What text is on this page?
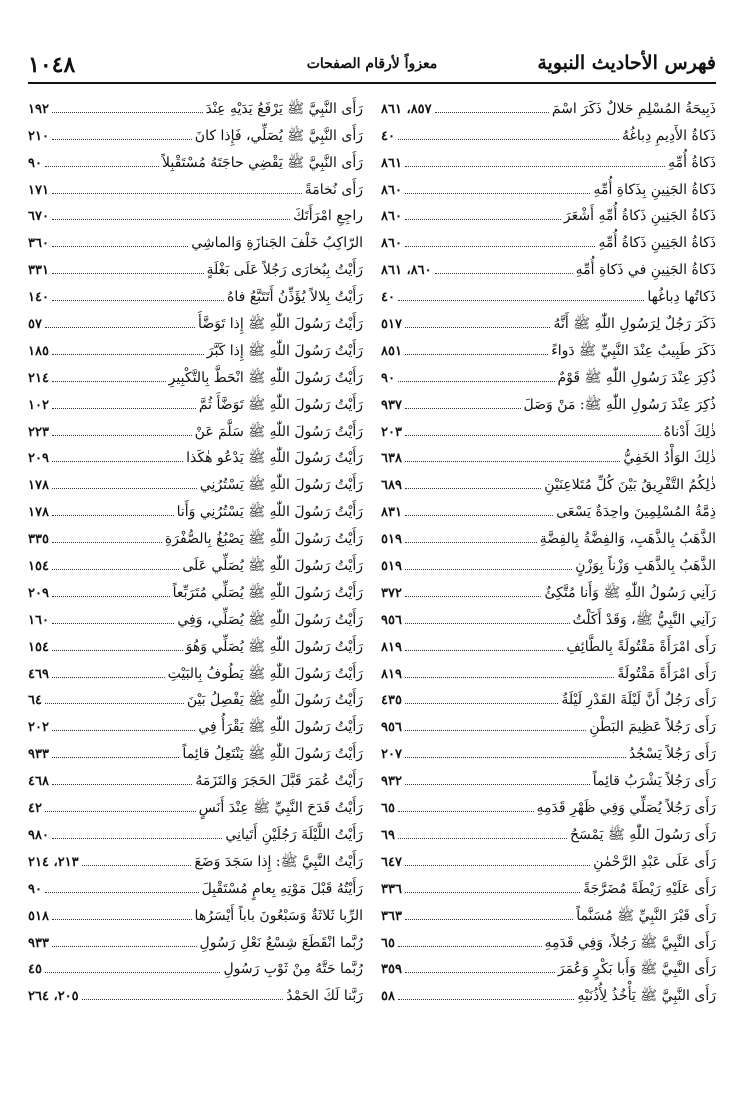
فهرس الأحاديث النبوية
معزواً لأرقام الصفحات
١٠٤٨
ذَبِيحَةُ المُسْلِمِ حَلالٌ ذَكَرَ اسْمَ
٨٥٧، ٨٦١
ذَكاةُ الأَدِيمِ دِباغُهُ
٤٠
ذَكاةُ أُمِّهِ
٨٦١
ذَكاةُ الجَنِينِ بِذَكاةِ أُمِّهِ
٨٦٠
ذَكاةُ الجَنِينِ ذَكاةُ أُمِّهِ أَشْعَرَ
٨٦٠
ذَكاةُ الجَنِينِ ذَكاةُ أُمِّهِ
٨٦٠
ذَكاةُ الجَنِينِ في ذَكاةِ أُمِّهِ
٨٦٠، ٨٦١
ذَكاتُها دِباغُها
٤٠
ذَكَرَ رَجُلٌ لِرَسُولِ اللّٰهِ ﷺ أَنَّهُ
٥١٧
ذَكَرَ طَبِيبٌ عِنْدَ النَّبِيِّ ﷺ دَواءً
٨٥١
ذُكِرَ عِنْدَ رَسُولِ اللّٰهِ ﷺ قَوْمٌ
٩٠
ذُكِرَ عِنْدَ رَسُولِ اللّٰهِ ﷺ: مَنْ وَصَلَ
٩٣٧
ذٰلِكَ أَدْناهُ
٢٠٣
ذٰلِكَ الوَأْدُ الخَفِيُّ
٦٣٨
ذٰلِكُمُ التَّفْرِيقُ بَيْنَ كُلِّ مُتَلاعِنَيْنِ
٦٨٩
ذِمَّةُ المُسْلِمِينَ واحِدَةٌ يَسْعَى
٨٣١
الذَّهَبُ بِالذَّهَبِ، وَالفِضَّةُ بِالفِضَّةِ
٥١٩
الذَّهَبُ بِالذَّهَبِ وَزْناً بِوَزْنٍ
٥١٩
رَآنِي رَسُولُ اللّٰهِ ﷺ وَأَنا مُتَّكِئٌ
٣٧٢
رَآنِي النَّبِيُّ ﷺ، وَقَدْ أَكَلْتُ
٩٥٦
رَأَى امْرَأَةً مَقْتُولَةً بِالطَّائِفِ
٨١٩
رَأَى امْرَأَةً مَقْتُولَةً
٨١٩
رَأَى رَجُلٌ أَنَّ لَيْلَةَ القَدْرِ لَيْلَةُ
٤٣٥
رَأَى رَجُلاً عَظِيمَ البَطْنِ
٩٥٦
رَأَى رَجُلاً يَسْجُدُ
٢٠٧
رَأَى رَجُلاً يَشْرَبُ قائِماً
٩٣٢
رَأَى رَجُلاً يُصَلِّي وَفِي ظَهْرِ قَدَمِهِ
٦٥
رَأَى رَسُولَ اللّٰهِ ﷺ يَمْسَحُ
٦٩
رَأَى عَلَى عَبْدِ الرَّحْمٰنِ
٦٤٧
رَأَى عَلَيْهِ رَيْطَةً مُضَرَّجَةً
٣٣٦
رَأَى قَبْرَ النَّبِيِّ ﷺ مُسَنَّماً
٣٦٣
رَأَى النَّبِيَّ ﷺ رَجُلاً، وَفِي قَدَمِهِ
٦٥
رَأَى النَّبِيَّ ﷺ وَأَبا بَكْرٍ وَعُمَرَ
٣٥٩
رَأَى النَّبِيَّ ﷺ يَأْخُذُ لِأُذُنَيْهِ
٥٨
رَأَى النَّبِيَّ ﷺ يَرْفَعُ يَدَيْهِ عِنْدَ
١٩٢
رَأَى النَّبِيَّ ﷺ يُصَلِّي، فَإِذا كانَ
٢١٠
رَأَى النَّبِيَّ ﷺ يَقْضِي حاجَتَهُ مُسْتَقْبِلاً
٩٠
رَأَى نُخامَةً
١٧١
راجِعِ امْرَأَتَكَ
٦٧٠
الرّاكِبُ خَلْفَ الجَنازَةِ وَالماشِي
٣٦٠
رَأَيْتُ بِبُخارَى رَجُلاً عَلَى بَغْلَةٍ
٣٣١
رَأَيْتُ بِلالاً يُؤَذِّنُ أَتَتَبَّعُ فاهُ
١٤٠
رَأَيْتُ رَسُولَ اللّٰهِ ﷺ إِذا تَوَضَّأَ
٥٧
رَأَيْتُ رَسُولَ اللّٰهِ ﷺ إِذا كَبَّرَ
١٨٥
رَأَيْتُ رَسُولَ اللّٰهِ ﷺ انْحَطَّ بِالتَّكْبِيرِ
٢١٤
رَأَيْتُ رَسُولَ اللّٰهِ ﷺ تَوَضَّأَ ثُمَّ
١٠٢
رَأَيْتُ رَسُولَ اللّٰهِ ﷺ سَلَّمَ عَنْ
٢٢٣
رَأَيْتُ رَسُولَ اللّٰهِ ﷺ يَدْعُو هٰكَذا
٢٠٩
رَأَيْتُ رَسُولَ اللّٰهِ ﷺ يَسْتُرُنِي
١٧٨
رَأَيْتُ رَسُولَ اللّٰهِ ﷺ يَسْتُرُنِي وَأَنا
١٧٨
رَأَيْتُ رَسُولَ اللّٰهِ ﷺ يَصْبُغُ بِالصُّفْرَةِ
٣٣٥
رَأَيْتُ رَسُولَ اللّٰهِ ﷺ يُصَلِّي عَلَى
١٥٤
رَأَيْتُ رَسُولَ اللّٰهِ ﷺ يُصَلِّي مُتَرَبِّعاً
٢٠٩
رَأَيْتُ رَسُولَ اللّٰهِ ﷺ يُصَلِّي، وَفِي
١٦٠
رَأَيْتُ رَسُولَ اللّٰهِ ﷺ يُصَلِّي وَهُوَ
١٥٤
رَأَيْتُ رَسُولَ اللّٰهِ ﷺ يَطُوفُ بِالبَيْتِ
٤٦٩
رَأَيْتُ رَسُولَ اللّٰهِ ﷺ يَفْصِلُ بَيْنَ
٦٤
رَأَيْتُ رَسُولَ اللّٰهِ ﷺ يَقْرَأُ فِي
٢٠٢
رَأَيْتُ رَسُولَ اللّٰهِ ﷺ يَنْتَعِلُ قائِماً
٩٣٣
رَأَيْتُ عُمَرَ قَبَّلَ الحَجَرَ وَالتَزَمَهُ
٤٦٨
رَأَيْتُ قَدَحَ النَّبِيِّ ﷺ عِنْدَ أَنَسٍ
٤٢
رَأَيْتُ اللَّيْلَةَ رَجُلَيْنِ أَتَيانِي
٩٨٠
رَأَيْتُ النَّبِيَّ ﷺ: إِذا سَجَدَ وَضَعَ
٢١٣، ٢١٤
رَأَيْتُهُ قَبْلَ مَوْتِهِ بِعامٍ مُسْتَقْبِلَ
٩٠
الرِّبا ثَلاثَةٌ وَسَبْعُونَ باباً أَيْسَرُها
٥١٨
رُبَّما انْقَطَعَ شِسْعُ نَعْلِ رَسُولِ
٩٣٣
رُبَّما حَتَّهُ مِنْ ثَوْبِ رَسُولِ
٤٥
رَبَّنا لَكَ الحَمْدُ
٢٠٥، ٢٦٤
